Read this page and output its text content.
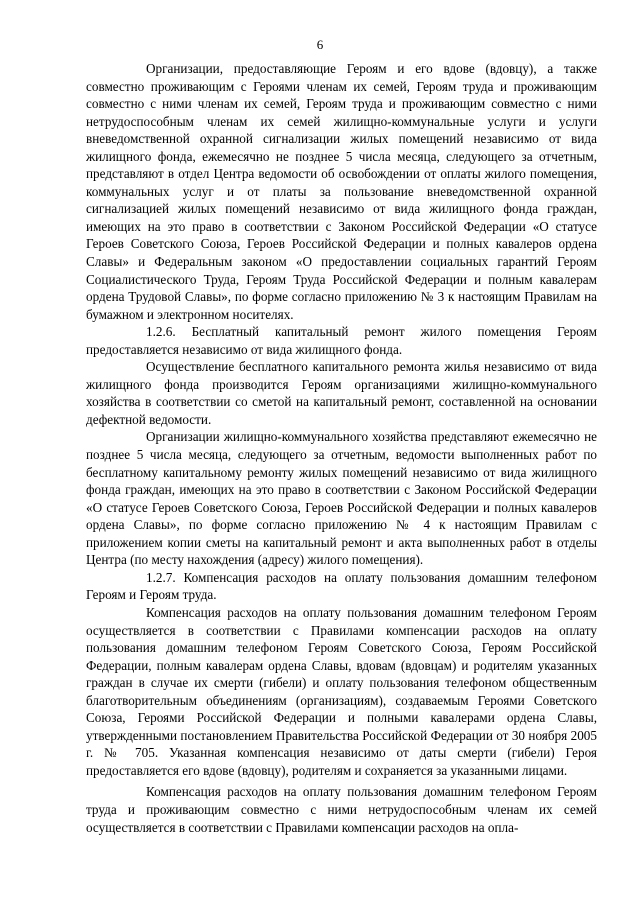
6

Организации, предоставляющие Героям и его вдове (вдовцу), а также совместно проживающим с Героями членам их семей, Героям труда и проживающим совместно с ними членам их семей, Героям труда и проживающим совместно с ними нетрудоспособным членам их семей жилищно-коммунальные услуги и услуги вневедомственной охранной сигнализации жилых помещений независимо от вида жилищного фонда, ежемесячно не позднее 5 числа месяца, следующего за отчетным, представляют в отдел Центра ведомости об освобождении от оплаты жилого помещения, коммунальных услуг и от платы за пользование вневедомственной охранной сигнализацией жилых помещений независимо от вида жилищного фонда граждан, имеющих на это право в соответствии с Законом Российской Федерации «О статусе Героев Советского Союза, Героев Российской Федерации и полных кавалеров ордена Славы» и Федеральным законом «О предоставлении социальных гарантий Героям Социалистического Труда, Героям Труда Российской Федерации и полным кавалерам ордена Трудовой Славы», по форме согласно приложению № 3 к настоящим Правилам на бумажном и электронном носителях.

1.2.6. Бесплатный капитальный ремонт жилого помещения Героям предоставляется независимо от вида жилищного фонда.

Осуществление бесплатного капитального ремонта жилья независимо от вида жилищного фонда производится Героям организациями жилищно-коммунального хозяйства в соответствии со сметой на капитальный ремонт, составленной на основании дефектной ведомости.

Организации жилищно-коммунального хозяйства представляют ежемесячно не позднее 5 числа месяца, следующего за отчетным, ведомости выполненных работ по бесплатному капитальному ремонту жилых помещений независимо от вида жилищного фонда граждан, имеющих на это право в соответствии с Законом Российской Федерации «О статусе Героев Советского Союза, Героев Российской Федерации и полных кавалеров ордена Славы», по форме согласно приложению № 4 к настоящим Правилам с приложением копии сметы на капитальный ремонт и акта выполненных работ в отделы Центра (по месту нахождения (адресу) жилого помещения).

1.2.7. Компенсация расходов на оплату пользования домашним телефоном Героям и Героям труда.

Компенсация расходов на оплату пользования домашним телефоном Героям осуществляется в соответствии с Правилами компенсации расходов на оплату пользования домашним телефоном Героям Советского Союза, Героям Российской Федерации, полным кавалерам ордена Славы, вдовам (вдовцам) и родителям указанных граждан в случае их смерти (гибели) и оплату пользования телефоном общественным благотворительным объединениям (организациям), создаваемым Героями Советского Союза, Героями Российской Федерации и полными кавалерами ордена Славы, утвержденными постановлением Правительства Российской Федерации от 30 ноября 2005 г. № 705. Указанная компенсация независимо от даты смерти (гибели) Героя предоставляется его вдове (вдовцу), родителям и сохраняется за указанными лицами.

Компенсация расходов на оплату пользования домашним телефоном Героям труда и проживающим совместно с ними нетрудоспособным членам их семей осуществляется в соответствии с Правилами компенсации расходов на опла-
